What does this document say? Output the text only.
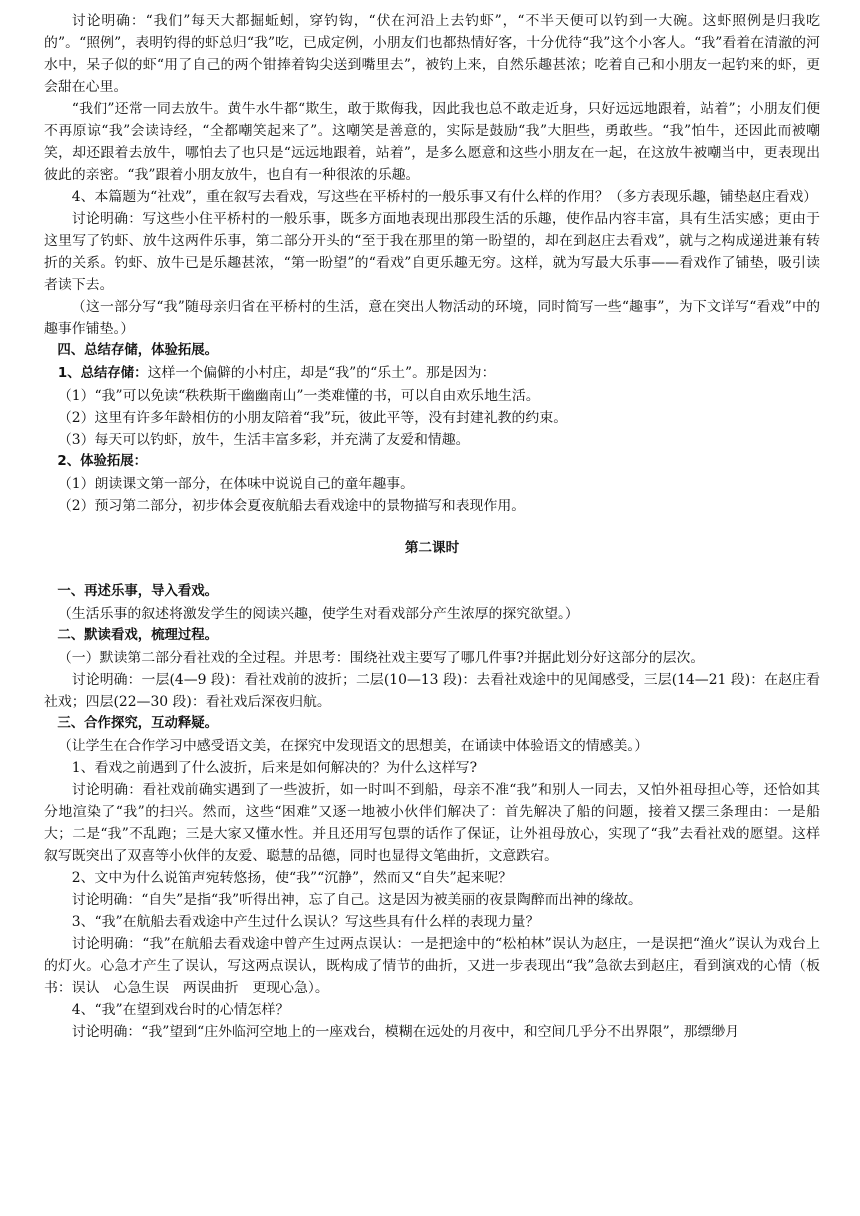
讨论明确：“我们”每天大都掘蚯蚓，穿钓钩，“伏在河沿上去钓虾”，“不半天便可以钓到一大碗。这虾照例是归我吃的”。“照例”，表明钓得的虾总归“我”吃，已成定例，小朋友们也都热情好客，十分优待“我”这个小客人。“我”看着在清澈的河水中，呆子似的虾“用了自己的两个钳捧着钩尖送到嘴里去”，被钓上来，自然乐趣甚浓；吃着自己和小朋友一起钓来的虾，更会甜在心里。

“我们”还常一同去放牛。黄牛水牛都“欺生，敢于欺侮我，因此我也总不敢走近身，只好远远地跟着，站着”；小朋友们便不再原谅“我”会读诗经，“全都嘲笑起来了”。这嘲笑是善意的，实际是鼓励“我”大胆些，勇敢些。“我”怕牛，还因此而被嘲笑，却还跟着去放牛，哪怕去了也只是“远远地跟着，站着”，是多么愿意和这些小朋友在一起，在这放牛被嘲当中，更表现出彼此的亲密。“我”跟着小朋友放牛，也自有一种很浓的乐趣。

4、本篇题为“社戏”，重在叙写去看戏，写这些在平桥村的一般乐事又有什么样的作用？（多方表现乐趣，铺垫赵庄看戏）

讨论明确：写这些小住平桥村的一般乐事，既多方面地表现出那段生活的乐趣，使作品内容丰富，具有生活实感；更由于这里写了钓虾、放牛这两件乐事，第二部分开头的“至于我在那里的第一盼望的，却在到赵庄去看戏”，就与之构成递进兼有转折的关系。钓虾、放牛已是乐趣甚浓，“第一盼望”的“看戏”自更乐趣无穷。这样，就为写最大乐事——看戏作了铺垫，吸引读者读下去。

（这一部分写“我”随母亲归省在平桥村的生活，意在突出人物活动的环境，同时简写一些“趣事”，为下文详写“看戏”中的趣事作铺垫。）

四、总结存储，体验拓展。

1、总结存储：这样一个偏僻的小村庄，却是“我”的“乐土”。那是因为：

（1）“我”可以免读“秩秩斯干幽幽南山”一类难懂的书，可以自由欢乐地生活。

（2）这里有许多年龄相仿的小朋友陪着“我”玩，彼此平等，没有封建礼教的约束。

（3）每天可以钓虾，放牛，生活丰富多彩，并充满了友爱和情趣。

2、体验拓展：

（1）朗读课文第一部分，在体味中说说自己的童年趣事。

（2）预习第二部分，初步体会夏夜航船去看戏途中的景物描写和表现作用。

第二课时

一、再述乐事，导入看戏。

（生活乐事的叙述将激发学生的阅读兴趣，使学生对看戏部分产生浓厚的探究欲望。）

二、默读看戏，梳理过程。

（一）默读第二部分看社戏的全过程。并思考：围绕社戏主要写了哪几件事?并据此划分好这部分的层次。

讨论明确：一层(4—9 段)：看社戏前的波折；二层(10—13 段)：去看社戏途中的见闻感受，三层(14—21 段)：在赵庄看社戏；四层(22—30 段)：看社戏后深夜归航。

三、合作探究，互动释疑。

（让学生在合作学习中感受语文美，在探究中发现语文的思想美，在诵读中体验语文的情感美。）

1、看戏之前遇到了什么波折，后来是如何解决的？为什么这样写?

讨论明确：看社戏前确实遇到了一些波折，如一时叫不到船，母亲不准“我”和别人一同去，又怕外祖母担心等，还恰如其分地渲染了“我”的扫兴。然而，这些“困难”又逐一地被小伙伴们解决了：首先解决了船的问题，接着又摆三条理由：一是船大；二是“我”不乱跑；三是大家又懂水性。并且还用写包票的话作了保证，让外祖母放心，实现了“我”去看社戏的愿望。这样叙写既突出了双喜等小伙伴的友爱、聪慧的品德，同时也显得文笔曲折，文意跌宕。

2、文中为什么说笛声宛转悠扬，使“我”“沉静”，然而又“自失”起来呢？

讨论明确：“自失”是指“我”听得出神，忘了自己。这是因为被美丽的夜景陶醉而出神的缘故。

3、“我”在航船去看戏途中产生过什么误认？写这些具有什么样的表现力量？

讨论明确：“我”在航船去看戏途中曾产生过两点误认：一是把途中的“松柏林”误认为赵庄，一是误把“渔火”误认为戏台上的灯火。心急才产生了误认，写这两点误认，既构成了情节的曲折，又进一步表现出“我”急欲去到赵庄，看到演戏的心情（板书：误认　心急生误　两误曲折　更现心急）。

4、“我”在望到戏台时的心情怎样？

讨论明确：“我”望到“庄外临河空地上的一座戏台，模糊在远处的月夜中，和空间几乎分不出界限”，那缥缈月
